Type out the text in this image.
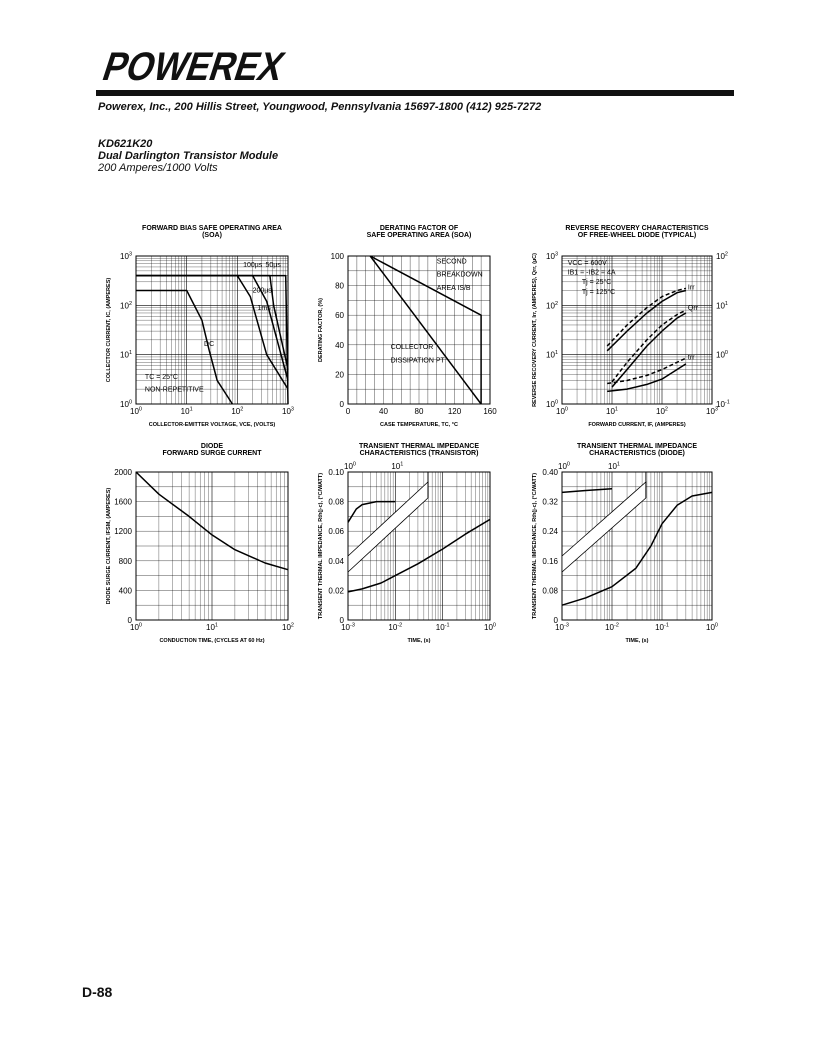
POWEREX
Powerex, Inc., 200 Hillis Street, Youngwood, Pennsylvania 15697-1800 (412) 925-7272
KD621K20
Dual Darlington Transistor Module
200 Amperes/1000 Volts
FORWARD BIAS SAFE OPERATING AREA
(SOA)
$10^0$	$10^1$	$10^2$	$10^3$
$10^0$
$10^1$
$10^2$
$10^3$
COLLECTOR-EMITTER VOLTAGE, VCE, (VOLTS)
COLLECTOR CURRENT, IC, (AMPERES)
100µs 50µs
200µs
1ms
DC
TC = 25°C
NON-REPETITIVE
DERATING FACTOR OF
SAFE OPERATING AREA (SOA)
0	40	80	120	160
0
20
40
60
80
100
CASE TEMPERATURE, TC, °C
DERATING FACTOR, (%)
SECOND
BREAKDOWN
AREA IS/B
COLLECTOR
DISSIPATION PT
REVERSE RECOVERY CHARACTERISTICS
OF FREE-WHEEL DIODE (TYPICAL)
$10^0$	$10^1$	$10^2$	$10^3$
$10^0$
$10^1$
$10^2$
$10^3$
$10^{-1}$
$10^0$
$10^1$
$10^2$
FORWARD CURRENT, IF, (AMPERES)
REVERSE RECOVERY CURRENT, Irr, (AMPERES), Qrr, (µC)	VCC = 600V
IB1 = -IB2 = 4A
Tj = 25°C
Tj = 125°C
Irr
Qrr
trr
DIODE
FORWARD SURGE CURRENT
$10^0$	$10^1$	$10^2$
0
400
800
1200
1600
2000
CONDUCTION TIME, (CYCLES AT 60 Hz)
DIODE SURGE CURRENT, IFSM, (AMPERES)
TRANSIENT THERMAL IMPEDANCE
CHARACTERISTICS (TRANSISTOR)
$10^{-3}$	$10^{-2}$	$10^{-1}$	$10^0$
0
0.02
0.04
0.06
0.08
0.10
$10^0$	$10^1$
TIME, (s)
TRANSIENT THERMAL IMPEDANCE, Rth(j-c), (°C/WATT)
TRANSIENT THERMAL IMPEDANCE
CHARACTERISTICS (DIODE)
$10^{-3}$	$10^{-2}$	$10^{-1}$	$10^0$
0
0.08
0.16
0.24
0.32
0.40
$10^0$	$10^1$
TIME, (s)
TRANSIENT THERMAL IMPEDANCE, Rth(j-c), (°C/WATT)
D-88
